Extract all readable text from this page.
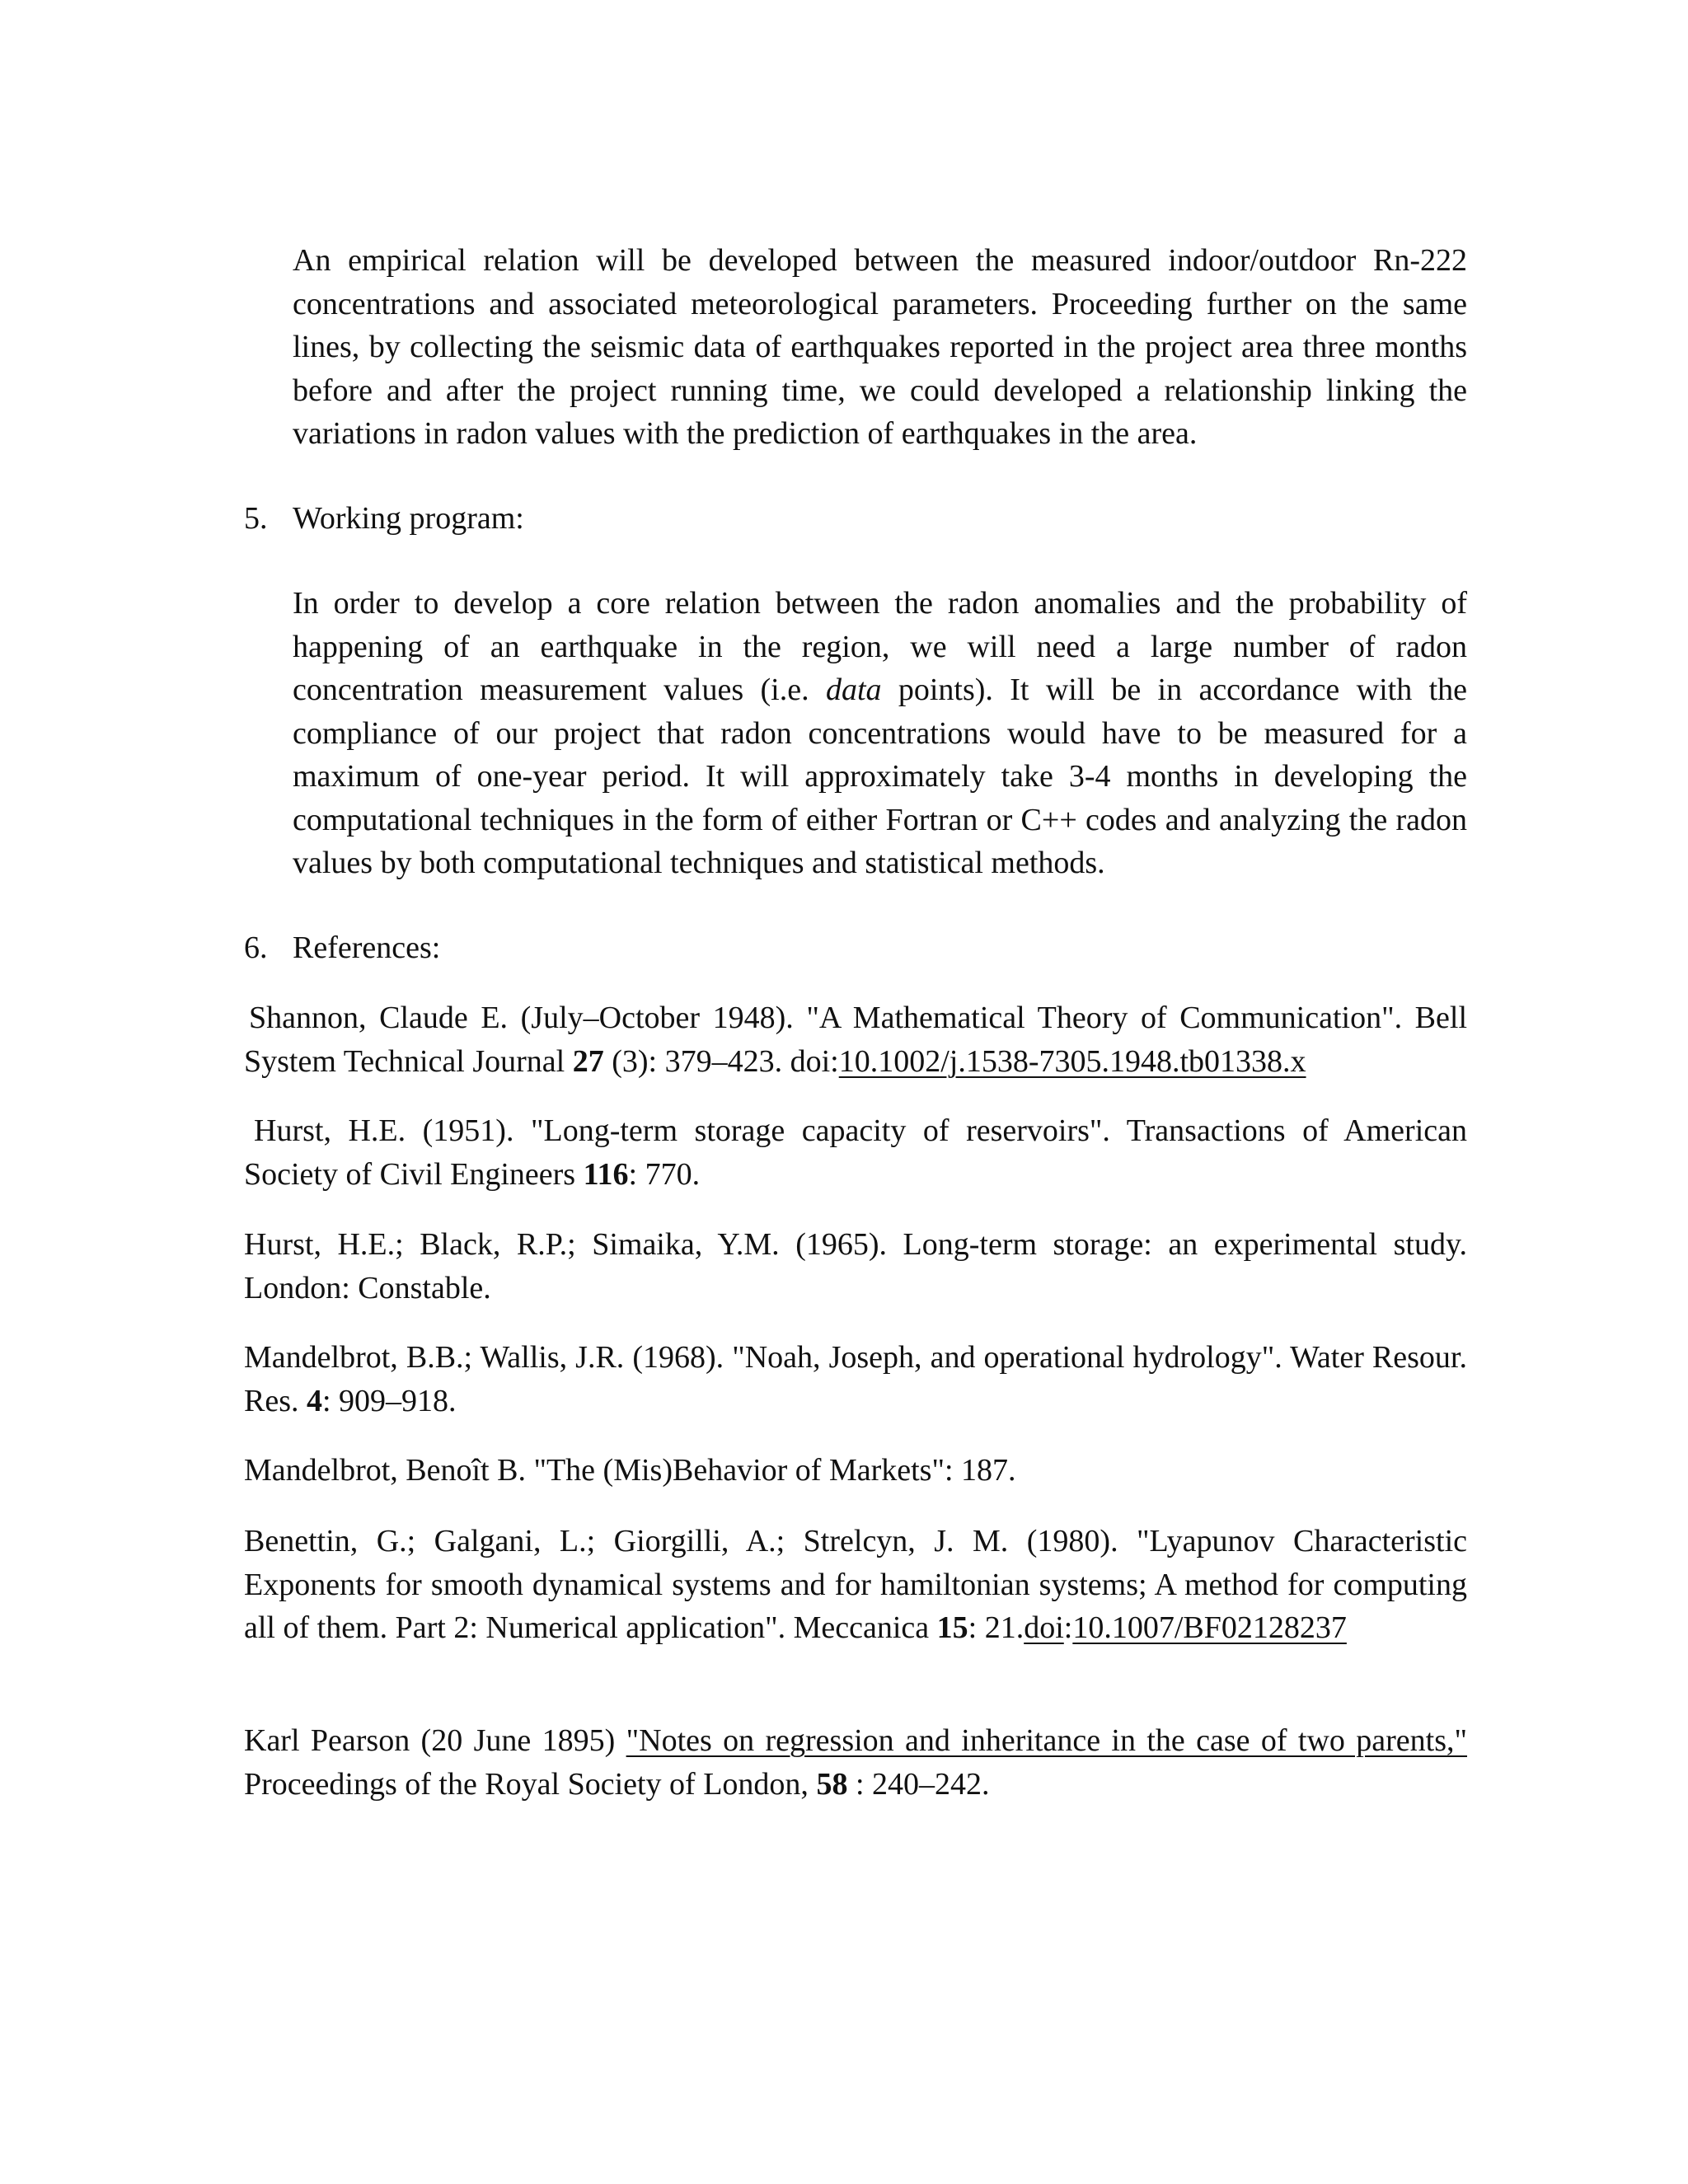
An empirical relation will be developed between the measured indoor/outdoor Rn-222 concentrations and associated meteorological parameters. Proceeding further on the same lines, by collecting the seismic data of earthquakes reported in the project area three months before and after the project running time, we could developed a relationship linking the variations in radon values with the prediction of earthquakes in the area.

5. Working program:

In order to develop a core relation between the radon anomalies and the probability of happening of an earthquake in the region, we will need a large number of radon concentration measurement values (i.e. data points). It will be in accordance with the compliance of our project that radon concentrations would have to be measured for a maximum of one-year period. It will approximately take 3-4 months in developing the computational techniques in the form of either Fortran or C++ codes and analyzing the radon values by both computational techniques and statistical methods.

6. References:

Shannon, Claude E. (July–October 1948). "A Mathematical Theory of Communication". Bell System Technical Journal 27 (3): 379–423. doi:10.1002/j.1538-7305.1948.tb01338.x

Hurst, H.E. (1951). "Long-term storage capacity of reservoirs". Transactions of American Society of Civil Engineers 116: 770.

Hurst, H.E.; Black, R.P.; Simaika, Y.M. (1965). Long-term storage: an experimental study. London: Constable.

Mandelbrot, B.B.; Wallis, J.R. (1968). "Noah, Joseph, and operational hydrology". Water Resour. Res. 4: 909–918.

Mandelbrot, Benoît B. "The (Mis)Behavior of Markets": 187.

Benettin, G.; Galgani, L.; Giorgilli, A.; Strelcyn, J. M. (1980). "Lyapunov Characteristic Exponents for smooth dynamical systems and for hamiltonian systems; A method for computing all of them. Part 2: Numerical application". Meccanica 15: 21.doi:10.1007/BF02128237

Karl Pearson (20 June 1895) "Notes on regression and inheritance in the case of two parents," Proceedings of the Royal Society of London, 58 : 240–242.
